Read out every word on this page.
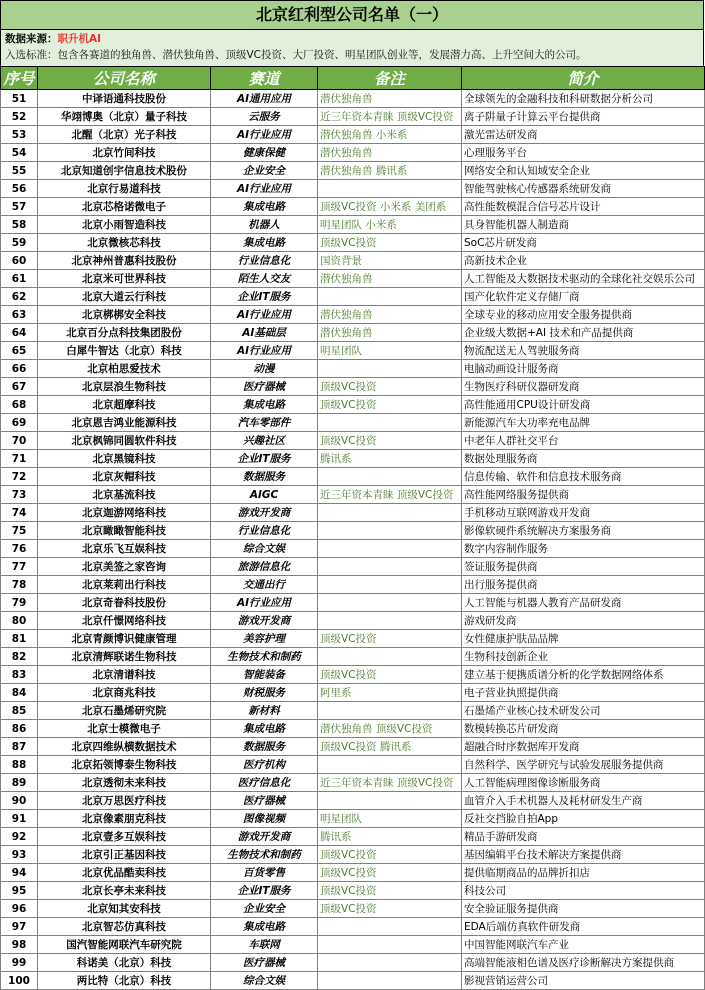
北京红利型公司名单（一）
数据来源：职升机AI
入选标准：包含各赛道的独角兽、潜伏独角兽、顶级VC投资、大厂投资、明星团队创业等，发展潜力高、上升空间大的公司。
序号	公司名称	赛道	备注	简介
51	中译语通科技股份	AI通用应用	潜伏独角兽	全球领先的金融科技和科研数据分析公司
52	华翊博奥（北京）量子科技	云服务	近三年资本青睐 顶级VC投资	离子阱量子计算云平台提供商
53	北醒（北京）光子科技	AI行业应用	潜伏独角兽 小米系	激光雷达研发商
54	北京竹间科技	健康保健	潜伏独角兽	心理服务平台
55	北京知道创宇信息技术股份	企业安全	潜伏独角兽 腾讯系	网络安全和认知域安全企业
56	北京行易道科技	AI行业应用		智能驾驶核心传感器系统研发商
57	北京芯格诺微电子	集成电路	顶级VC投资 小米系 美团系	高性能数模混合信号芯片设计
58	北京小雨智造科技	机器人	明星团队 小米系	具身智能机器人制造商
59	北京微核芯科技	集成电路	顶级VC投资	SoC芯片研发商
60	北京神州普惠科技股份	行业信息化	国资背景	高新技术企业
61	北京米可世界科技	陌生人交友	潜伏独角兽	人工智能及大数据技术驱动的全球化社交娱乐公司
62	北京大道云行科技	企业IT服务		国产化软件定义存储厂商
63	北京梆梆安全科技	AI行业应用	潜伏独角兽	全球专业的移动应用安全服务提供商
64	北京百分点科技集团股份	AI基础层	潜伏独角兽	企业级大数据+AI 技术和产品提供商
65	白犀牛智达（北京）科技	AI行业应用	明星团队	物流配送无人驾驶服务商
66	北京柏思爱技术	动漫		电脑动画设计服务商
67	北京层浪生物科技	医疗器械	顶级VC投资	生物医疗科研仪器研发商
68	北京超摩科技	集成电路	顶级VC投资	高性能通用CPU设计研发商
69	北京恩吉鸿业能源科技	汽车零部件		新能源汽车大功率充电品牌
70	北京枫锦同圆软件科技	兴趣社区	顶级VC投资	中老年人群社交平台
71	北京黑镜科技	企业IT服务	腾讯系	数据处理服务商
72	北京灰帽科技	数据服务		信息传输、软件和信息技术服务商
73	北京基流科技	AIGC	近三年资本青睐 顶级VC投资	高性能网络服务提供商
74	北京迦游网络科技	游戏开发商		手机移动互联网游戏开发商
75	北京瞰瞰智能科技	行业信息化		影像软硬件系统解决方案服务商
76	北京乐飞互娱科技	综合文娱		数字内容制作服务
77	北京美签之家咨询	旅游信息化		签证服务提供商
78	北京莱莉出行科技	交通出行		出行服务提供商
79	北京奇眷科技股份	AI行业应用		人工智能与机器人教育产品研发商
80	北京仟憬网络科技	游戏开发商		游戏研发商
81	北京青颜博识健康管理	美容护理	顶级VC投资	女性健康护肤品品牌
82	北京清辉联诺生物科技	生物技术和制药		生物科技创新企业
83	北京清谱科技	智能装备	顶级VC投资	建立基于便携质谱分析的化学数据网络体系
84	北京商兆科技	财税服务	阿里系	电子营业执照提供商
85	北京石墨烯研究院	新材料		石墨烯产业核心技术研发公司
86	北京士模微电子	集成电路	潜伏独角兽 顶级VC投资	数模转换芯片研发商
87	北京四维纵横数据技术	数据服务	顶级VC投资 腾讯系	超融合时序数据库开发商
88	北京拓领博泰生物科技	医疗机构		自然科学、医学研究与试验发展服务提供商
89	北京透彻未来科技	医疗信息化	近三年资本青睐 顶级VC投资	人工智能病理图像诊断服务商
90	北京万思医疗科技	医疗器械		血管介入手术机器人及耗材研发生产商
91	北京像素朋克科技	图像视频	明星团队	反社交挡脸自拍App
92	北京壹多互娱科技	游戏开发商	腾讯系	精品手游研发商
93	北京引正基因科技	生物技术和制药	顶级VC投资	基因编辑平台技术解决方案提供商
94	北京优品酷卖科技	百货零售	顶级VC投资	提供临期商品的品牌折扣店
95	北京长亭未来科技	企业IT服务	顶级VC投资	科技公司
96	北京知其安科技	企业安全	顶级VC投资	安全验证服务提供商
97	北京智芯仿真科技	集成电路		EDA后端仿真软件研发商
98	国汽智能网联汽车研究院	车联网		中国智能网联汽车产业
99	科诺美（北京）科技	医疗器械		高端智能液相色谱及医疗诊断解决方案提供商
100	两比特（北京）科技	综合文娱		影视营销运营公司
